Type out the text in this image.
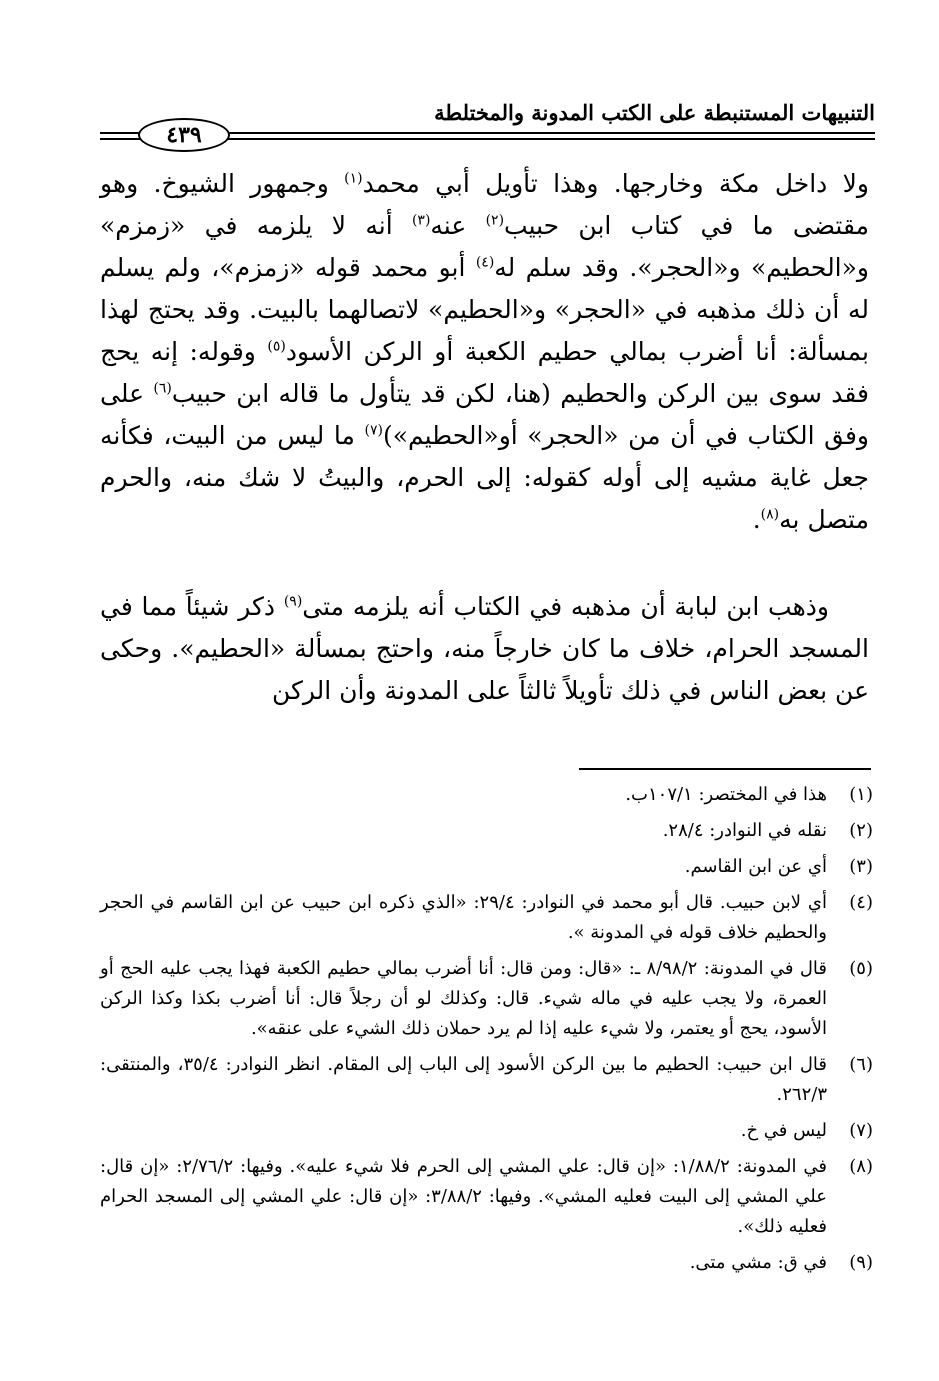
التنبيهات المستنبطة على الكتب المدونة والمختلطة
٤٣٩

ولا داخل مكة وخارجها. وهذا تأويل أبي محمد$^{(١)}$ وجمهور الشيوخ. وهو مقتضى ما في كتاب ابن حبيب$^{(٢)}$ عنه$^{(٣)}$ أنه لا يلزمه في «زمزم» و«الحطيم» و«الحجر». وقد سلم له$^{(٤)}$ أبو محمد قوله «زمزم»، ولم يسلم له أن ذلك مذهبه في «الحجر» و«الحطيم» لاتصالهما بالبيت. وقد يحتج لهذا بمسألة: أنا أضرب بمالي حطيم الكعبة أو الركن الأسود$^{(٥)}$ وقوله: إنه يحج فقد سوى بين الركن والحطيم (هنا، لكن قد يتأول ما قاله ابن حبيب$^{(٦)}$ على وفق الكتاب في أن من «الحجر» أو«الحطيم»)$^{(٧)}$ ما ليس من البيت، فكأنه جعل غاية مشيه إلى أوله كقوله: إلى الحرم، والبيتُ لا شك منه، والحرم متصل به$^{(٨)}$.

وذهب ابن لبابة أن مذهبه في الكتاب أنه يلزمه متى$^{(٩)}$ ذكر شيئاً مما في المسجد الحرام، خلاف ما كان خارجاً منه، واحتج بمسألة «الحطيم». وحكى عن بعض الناس في ذلك تأويلاً ثالثاً على المدونة وأن الركن

(١)
هذا في المختصر: ١٠٧/١ب.
(٢)
نقله في النوادر: ٢٨/٤.
(٣)
أي عن ابن القاسم.
(٤)
أي لابن حبيب. قال أبو محمد في النوادر: ٢٩/٤: «الذي ذكره ابن حبيب عن ابن القاسم في الحجر والحطيم خلاف قوله في المدونة ».
(٥)
قال في المدونة: ٨/٩٨/٢ ـ: «قال: ومن قال: أنا أضرب بمالي حطيم الكعبة فهذا يجب عليه الحج أو العمرة، ولا يجب عليه في ماله شيء. قال: وكذلك لو أن رجلاً قال: أنا أضرب بكذا وكذا الركن الأسود، يحج أو يعتمر، ولا شيء عليه إذا لم يرد حملان ذلك الشيء على عنقه».
(٦)
قال ابن حبيب: الحطيم ما بين الركن الأسود إلى الباب إلى المقام. انظر النوادر: ٣٥/٤، والمنتقى: ٢٦٢/٣.
(٧)
ليس في خ.
(٨)
في المدونة: ١/٨٨/٢: «إن قال: علي المشي إلى الحرم فلا شيء عليه». وفيها: ٢/٧٦/٢: «إن قال: علي المشي إلى البيت فعليه المشي». وفيها: ٣/٨٨/٢: «إن قال: علي المشي إلى المسجد الحرام فعليه ذلك».
(٩)
في ق: مشي متى.
